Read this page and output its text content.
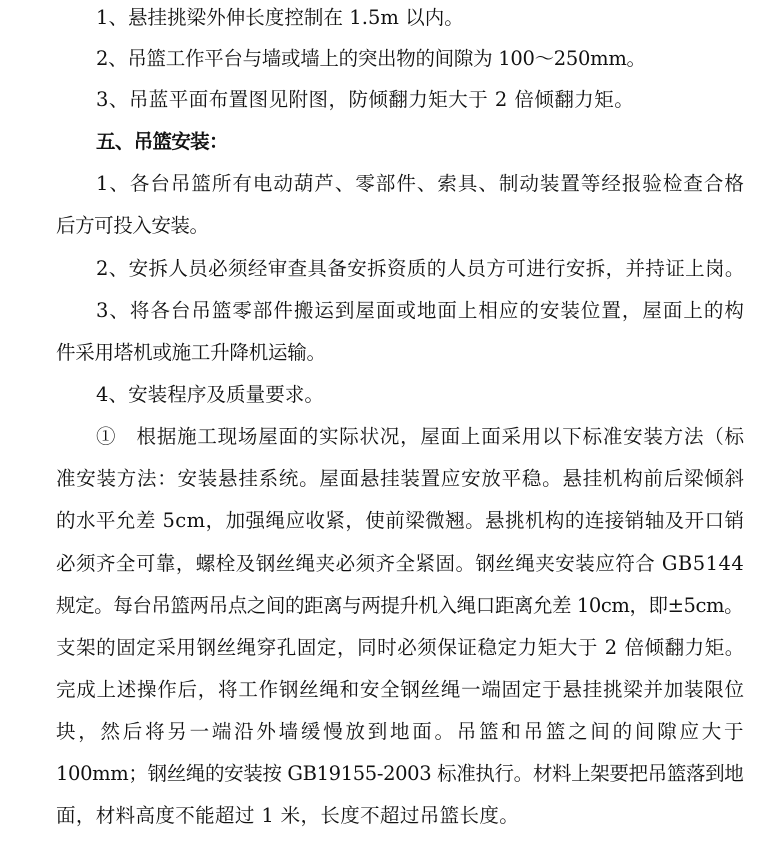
1、悬挂挑梁外伸长度控制在 1.5m 以内。
2、吊篮工作平台与墙或墙上的突出物的间隙为 100～250mm。
3、吊蓝平面布置图见附图，防倾翻力矩大于 2 倍倾翻力矩。
五、吊篮安装：
1、各台吊篮所有电动葫芦、零部件、索具、制动装置等经报验检查合格
后方可投入安装。
2、安拆人员必须经审查具备安拆资质的人员方可进行安拆，并持证上岗。
3、将各台吊篮零部件搬运到屋面或地面上相应的安装位置，屋面上的构
件采用塔机或施工升降机运输。
4、安装程序及质量要求。
①　根据施工现场屋面的实际状况，屋面上面采用以下标准安装方法（标
准安装方法：安装悬挂系统。屋面悬挂装置应安放平稳。悬挂机构前后梁倾斜
的水平允差 5cm，加强绳应收紧，使前梁微翘。悬挑机构的连接销轴及开口销
必须齐全可靠，螺栓及钢丝绳夹必须齐全紧固。钢丝绳夹安装应符合 GB5144
规定。每台吊篮两吊点之间的距离与两提升机入绳口距离允差 10cm，即±5cm。
支架的固定采用钢丝绳穿孔固定，同时必须保证稳定力矩大于 2 倍倾翻力矩。
完成上述操作后，将工作钢丝绳和安全钢丝绳一端固定于悬挂挑梁并加装限位
块，然后将另一端沿外墙缓慢放到地面。吊篮和吊篮之间的间隙应大于
100mm；钢丝绳的安装按 GB19155-2003 标准执行。材料上架要把吊篮落到地
面，材料高度不能超过 1 米，长度不超过吊篮长度。
